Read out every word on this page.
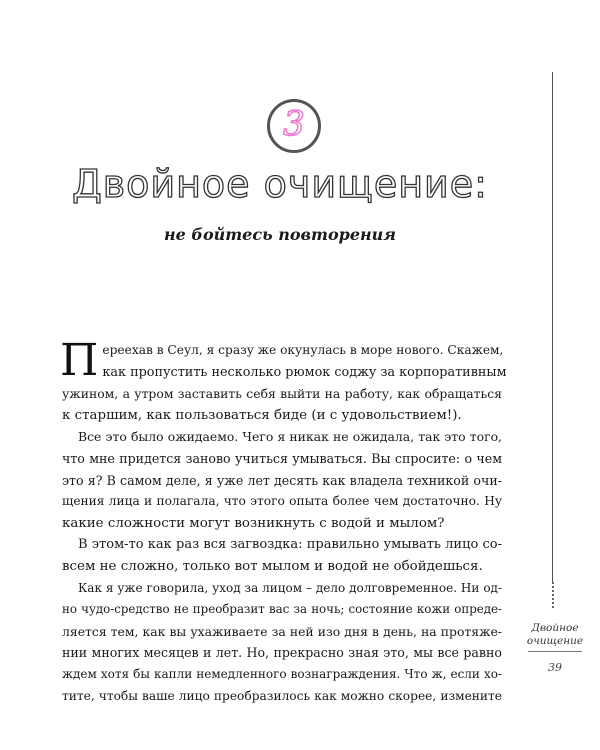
3
Двойное очищение:
не бойтесь повторения
П ереехав в Сеул, я сразу же окунулась в море нового. Скажем,
как пропустить несколько рюмок соджу за корпоративным
ужином, а утром заставить себя выйти на работу, как обращаться
к старшим, как пользоваться биде (и с удовольствием!).
Все это было ожидаемо. Чего я никак не ожидала, так это того,
что мне придется заново учиться умываться. Вы спросите: о чем
это я? В самом деле, я уже лет десять как владела техникой очи-
щения лица и полагала, что этого опыта более чем достаточно. Ну
какие сложности могут возникнуть с водой и мылом?
В этом-то как раз вся загвоздка: правильно умывать лицо со-
всем не сложно, только вот мылом и водой не обойдешься.
Как я уже говорила, уход за лицом – дело долговременное. Ни од-
но чудо-средство не преобразит вас за ночь; состояние кожи опреде-
ляется тем, как вы ухаживаете за ней изо дня в день, на протяже-
нии многих месяцев и лет. Но, прекрасно зная это, мы все равно
ждем хотя бы капли немедленного вознаграждения. Что ж, если хо-
тите, чтобы ваше лицо преобразилось как можно скорее, измените
Двойное
очищение
39
